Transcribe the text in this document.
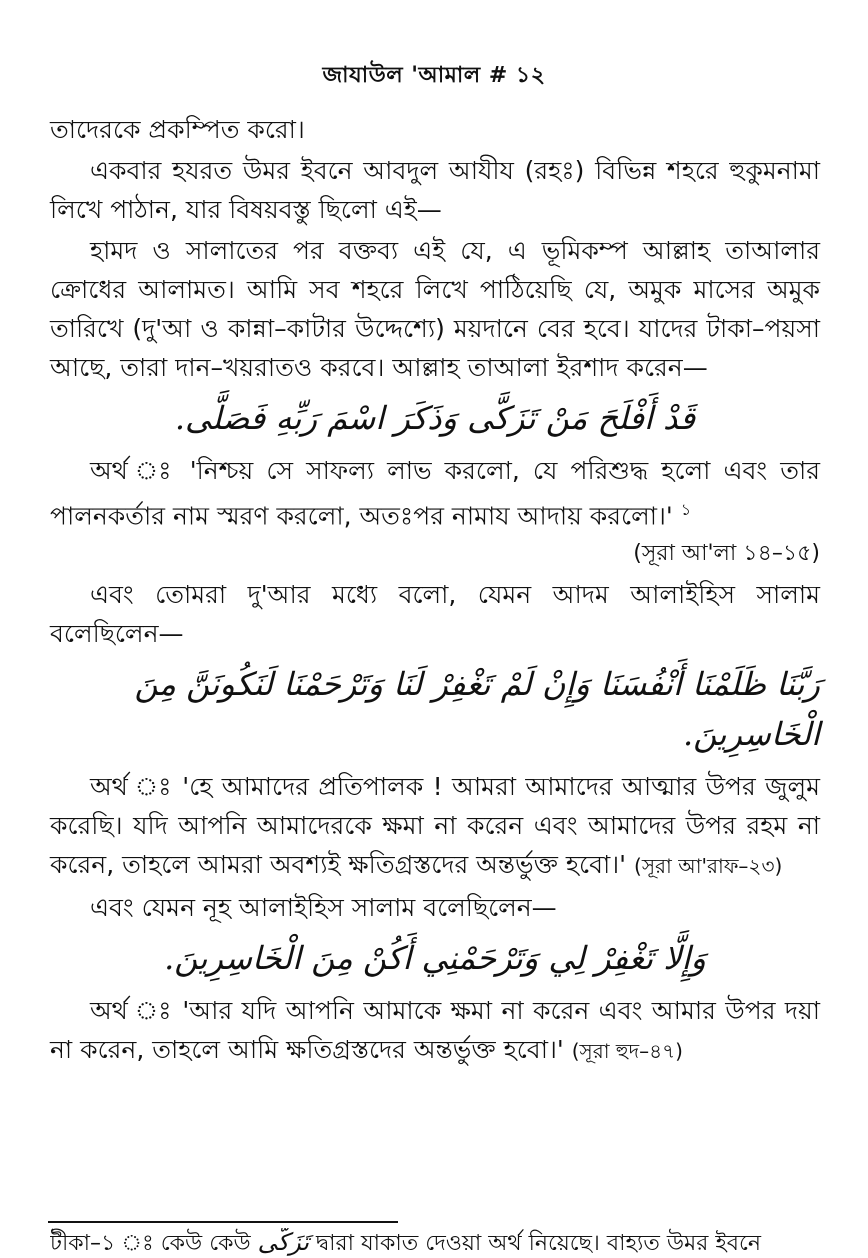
জাযাউল 'আমাল # ১২

তাদেরকে প্রকম্পিত করো।

একবার হযরত উমর ইবনে আবদুল আযীয (রহঃ) বিভিন্ন শহরে হুকুমনামা লিখে পাঠান, যার বিষয়বস্তু ছিলো এই—

হামদ ও সালাতের পর বক্তব্য এই যে, এ ভূমিকম্প আল্লাহ তাআলার ক্রোধের আলামত। আমি সব শহরে লিখে পাঠিয়েছি যে, অমুক মাসের অমুক তারিখে (দু'আ ও কান্না–কাটার উদ্দেশ্যে) ময়দানে বের হবে। যাদের টাকা–পয়সা আছে, তারা দান–খয়রাতও করবে। আল্লাহ তাআলা ইরশাদ করেন—

قَدْ أَفْلَحَ مَنْ تَزَكَّى وَذَكَرَ اسْمَ رَبِّهِ فَصَلَّى.

অর্থ ঃ 'নিশ্চয় সে সাফল্য লাভ করলো, যে পরিশুদ্ধ হলো এবং তার পালনকর্তার নাম স্মরণ করলো, অতঃপর নামায আদায় করলো।' $^১$

(সূরা আ'লা ১৪–১৫)

এবং তোমরা দু'আর মধ্যে বলো, যেমন আদম আলাইহিস সালাম বলেছিলেন—

رَبَّنَا ظَلَمْنَا أَنْفُسَنَا وَإِنْ لَمْ تَغْفِرْ لَنَا وَتَرْحَمْنَا لَنَكُونَنَّ مِنَ الْخَاسِرِينَ.

অর্থ ঃ 'হে আমাদের প্রতিপালক ! আমরা আমাদের আত্মার উপর জুলুম করেছি। যদি আপনি আমাদেরকে ক্ষমা না করেন এবং আমাদের উপর রহম না করেন, তাহলে আমরা অবশ্যই ক্ষতিগ্রস্তদের অন্তর্ভুক্ত হবো।' (সূরা আ'রাফ–২৩)

এবং যেমন নূহ আলাইহিস সালাম বলেছিলেন—

وَإِلَّا تَغْفِرْ لِي وَتَرْحَمْنِي أَكُنْ مِنَ الْخَاسِرِينَ.

অর্থ ঃ 'আর যদি আপনি আমাকে ক্ষমা না করেন এবং আমার উপর দয়া না করেন, তাহলে আমি ক্ষতিগ্রস্তদের অন্তর্ভুক্ত হবো।' (সূরা হুদ–৪৭)

টীকা–১ ঃ কেউ কেউ تَزَكَّى দ্বারা যাকাত দেওয়া অর্থ নিয়েছে। বাহ্যত উমর ইবনে
